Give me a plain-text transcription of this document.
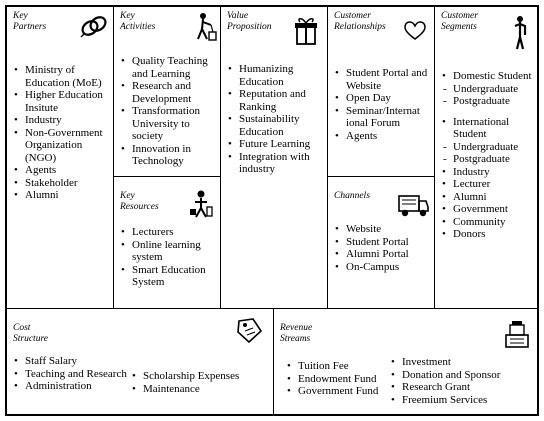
Key
Partners
• Ministry of Education (MoE)
• Higher Education Insitute
• Industry
• Non-Government Organization (NGO)
• Agents
• Stakeholder
• Alumni
Key
Activities
• Quality Teaching and Learning
• Research and Development
• Transformation University to society
• Innovation in Technology
Key
Resources
• Lecturers
• Online learning system
• Smart Education System
Value
Proposition
• Humanizing Education
• Reputation and Ranking
• Sustainability Education
• Future Learning
• Integration with industry
Customer
Relationships
• Student Portal and Website
• Open Day
• Seminar/Internat ional Forum
• Agents
Channels
• Website
• Student Portal
• Alumni Portal
• On-Campus
Customer
Segments
• Domestic Student
- Undergraduate
- Postgraduate
• International Student
- Undergraduate
- Postgraduate
• Industry
• Lecturer
• Alumni
• Government
• Community
• Donors
Cost
Structure
• Staff Salary
• Teaching and Research
• Administration
• Scholarship Expenses
• Maintenance
Revenue
Streams
• Tuition Fee
• Endowment Fund
• Government Fund
• Investment
• Donation and Sponsor
• Research Grant
• Freemium Services
